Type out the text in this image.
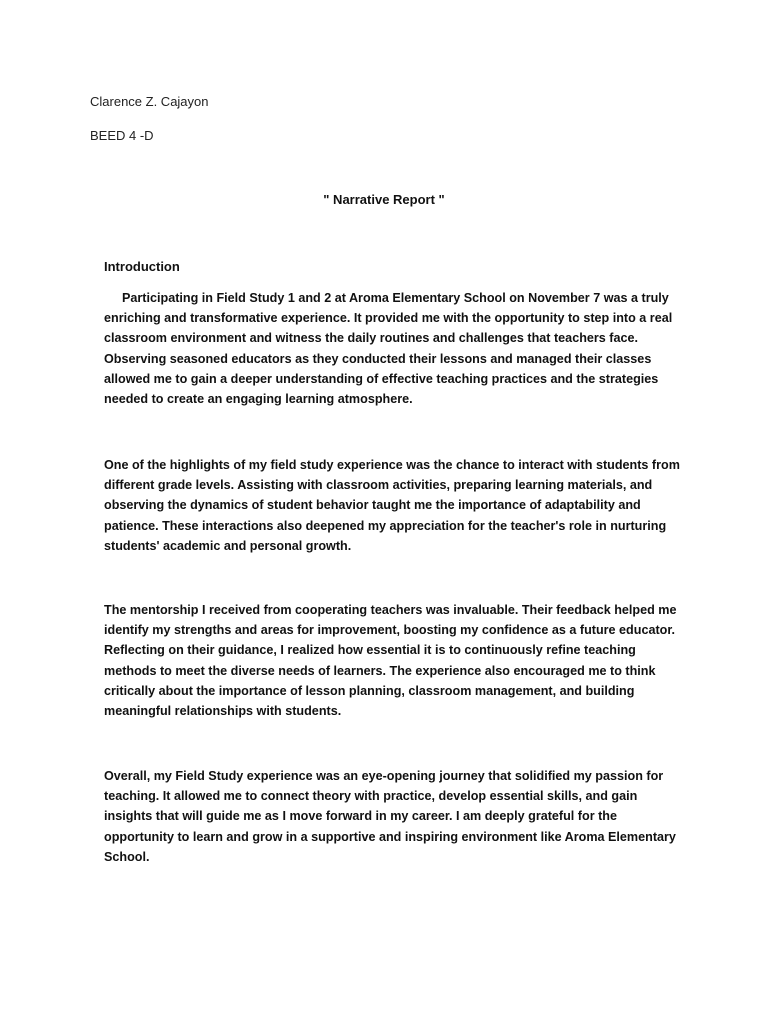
Clarence Z. Cajayon
BEED 4 -D
" Narrative Report "
Introduction

Participating in Field Study 1 and 2 at Aroma Elementary School on November 7 was a truly enriching and transformative experience. It provided me with the opportunity to step into a real classroom environment and witness the daily routines and challenges that teachers face. Observing seasoned educators as they conducted their lessons and managed their classes allowed me to gain a deeper understanding of effective teaching practices and the strategies needed to create an engaging learning atmosphere.

One of the highlights of my field study experience was the chance to interact with students from different grade levels. Assisting with classroom activities, preparing learning materials, and observing the dynamics of student behavior taught me the importance of adaptability and patience. These interactions also deepened my appreciation for the teacher's role in nurturing students' academic and personal growth.

The mentorship I received from cooperating teachers was invaluable. Their feedback helped me identify my strengths and areas for improvement, boosting my confidence as a future educator. Reflecting on their guidance, I realized how essential it is to continuously refine teaching methods to meet the diverse needs of learners. The experience also encouraged me to think critically about the importance of lesson planning, classroom management, and building meaningful relationships with students.

Overall, my Field Study experience was an eye-opening journey that solidified my passion for teaching. It allowed me to connect theory with practice, develop essential skills, and gain insights that will guide me as I move forward in my career. I am deeply grateful for the opportunity to learn and grow in a supportive and inspiring environment like Aroma Elementary School.
